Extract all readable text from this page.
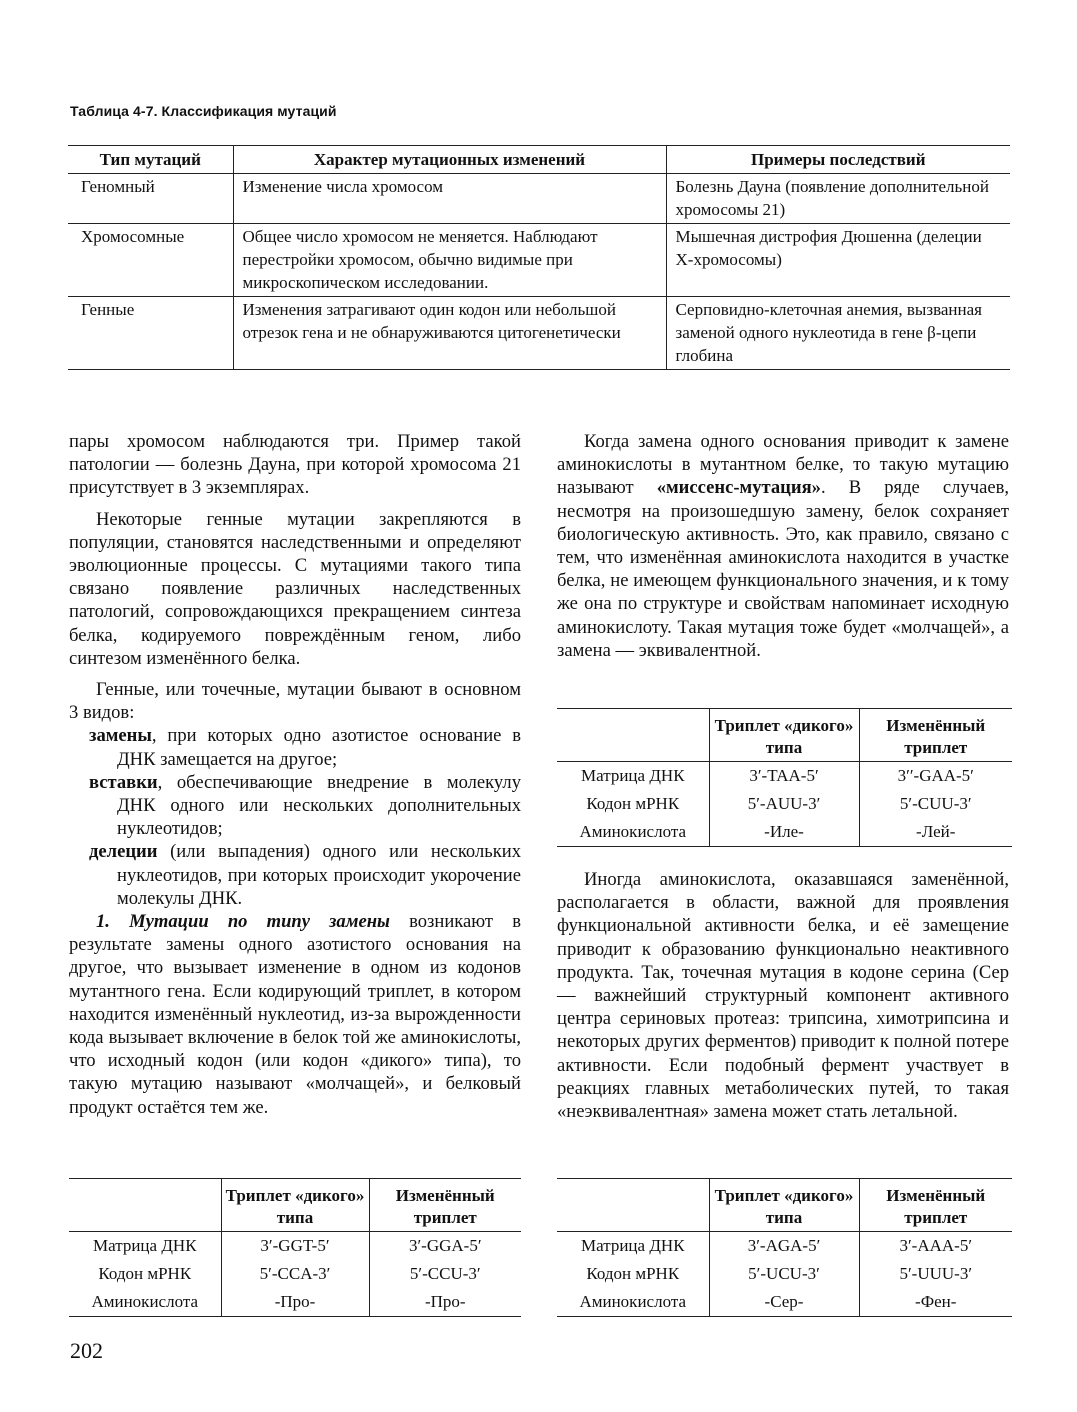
Таблица 4-7. Классификация мутаций
Тип мутаций	Характер мутационных изменений	Примеры последствий
Геномный	Изменение числа хромосом	Болезнь Дауна (появление дополнительной хромосомы 21)
Хромосомные	Общее число хромосом не меняется. Наблюдают перестройки хромосом, обычно видимые при микроскопическом исследовании.	Мышечная дистрофия Дюшенна (делеции Х-хромосомы)
Генные	Изменения затрагивают один кодон или небольшой отрезок гена и не обнаруживаются цитогенетически	Серповидно-клеточная анемия, вызванная заменой одного нуклеотида в гене β-цепи глобина

пары хромосом наблюдаются три. Пример такой патологии — болезнь Дауна, при которой хромосома 21 присутствует в 3 экземплярах.

Некоторые генные мутации закрепляются в популяции, становятся наследственными и определяют эволюционные процессы. С мутациями такого типа связано появление различных наследственных патологий, сопровождающихся прекращением синтеза белка, кодируемого повреждённым геном, либо синтезом изменённого белка.

Генные, или точечные, мутации бывают в основном 3 видов:

замены, при которых одно азотистое основание в ДНК замещается на другое;
вставки, обеспечивающие внедрение в молекулу ДНК одного или нескольких дополнительных нуклеотидов;
делеции (или выпадения) одного или нескольких нуклеотидов, при которых происходит укорочение молекулы ДНК.

1. Мутации по типу замены возникают в результате замены одного азотистого основания на другое, что вызывает изменение в одном из кодонов мутантного гена. Если кодирующий триплет, в котором находится изменённый нуклеотид, из-за вырожденности кода вызывает включение в белок той же аминокислоты, что исходный кодон (или кодон «дикого» типа), то такую мутацию называют «молчащей», и белковый продукт остаётся тем же.

Когда замена одного основания приводит к замене аминокислоты в мутантном белке, то такую мутацию называют «миссенс-мутация». В ряде случаев, несмотря на произошедшую замену, белок сохраняет биологическую активность. Это, как правило, связано с тем, что изменённая аминокислота находится в участке белка, не имеющем функционального значения, и к тому же она по структуре и свойствам напоминает исходную аминокислоту. Такая мутация тоже будет «молчащей», а замена — эквивалентной.

Иногда аминокислота, оказавшаяся заменённой, располагается в области, важной для проявления функциональной активности белка, и её замещение приводит к образованию функционально неактивного продукта. Так, точечная мутация в кодоне серина (Сер — важнейший структурный компонент активного центра сериновых протеаз: трипсина, химотрипсина и некоторых других ферментов) приводит к полной потере активности. Если подобный фермент участвует в реакциях главных метаболических путей, то такая «неэквивалентная» замена может стать летальной.

	Триплет «дикого» типа	Изменённый триплет
Матрица ДНК	3′-TAA-5′	3′′-GAA-5′
Кодон мРНК	5′-AUU-3′	5′-CUU-3′
Аминокислота	-Иле-	-Лей-
	Триплет «дикого» типа	Изменённый триплет
Матрица ДНК	3′-GGT-5′	3′-GGA-5′
Кодон мРНК	5′-CCA-3′	5′-CCU-3′
Аминокислота	-Про-	-Про-
	Триплет «дикого» типа	Изменённый триплет
Матрица ДНК	3′-AGA-5′	3′-AAA-5′
Кодон мРНК	5′-UCU-3′	5′-UUU-3′
Аминокислота	-Сер-	-Фен-
202
